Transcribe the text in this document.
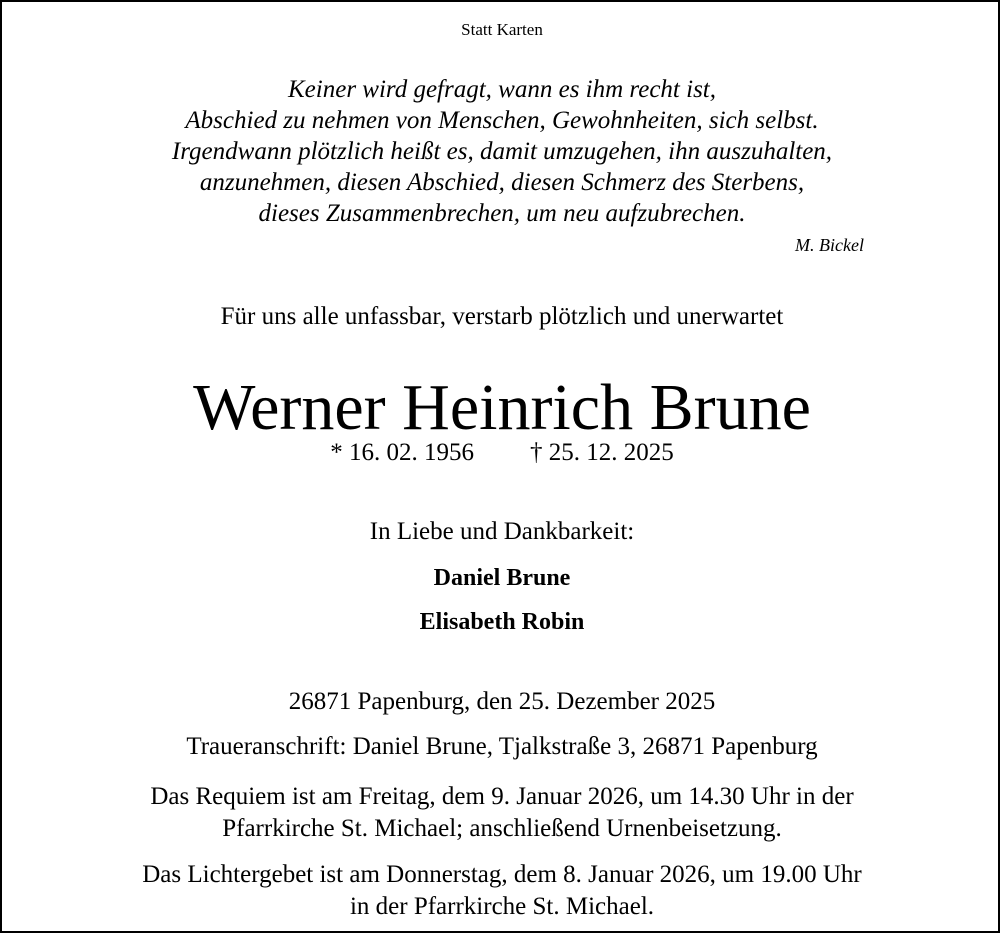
Statt Karten
Keiner wird gefragt, wann es ihm recht ist,
Abschied zu nehmen von Menschen, Gewohnheiten, sich selbst.
Irgendwann plötzlich heißt es, damit umzugehen, ihn auszuhalten,
anzunehmen, diesen Abschied, diesen Schmerz des Sterbens,
dieses Zusammenbrechen, um neu aufzubrechen.
M. Bickel
Für uns alle unfassbar, verstarb plötzlich und unerwartet
Werner Heinrich Brune
* 16. 02. 1956 † 25. 12. 2025
In Liebe und Dankbarkeit:
Daniel Brune
Elisabeth Robin
26871 Papenburg, den 25. Dezember 2025
Traueranschrift: Daniel Brune, Tjalkstraße 3, 26871 Papenburg
Das Requiem ist am Freitag, dem 9. Januar 2026, um 14.30 Uhr in der
Pfarrkirche St. Michael; anschließend Urnenbeisetzung.
Das Lichtergebet ist am Donnerstag, dem 8. Januar 2026, um 19.00 Uhr
in der Pfarrkirche St. Michael.
